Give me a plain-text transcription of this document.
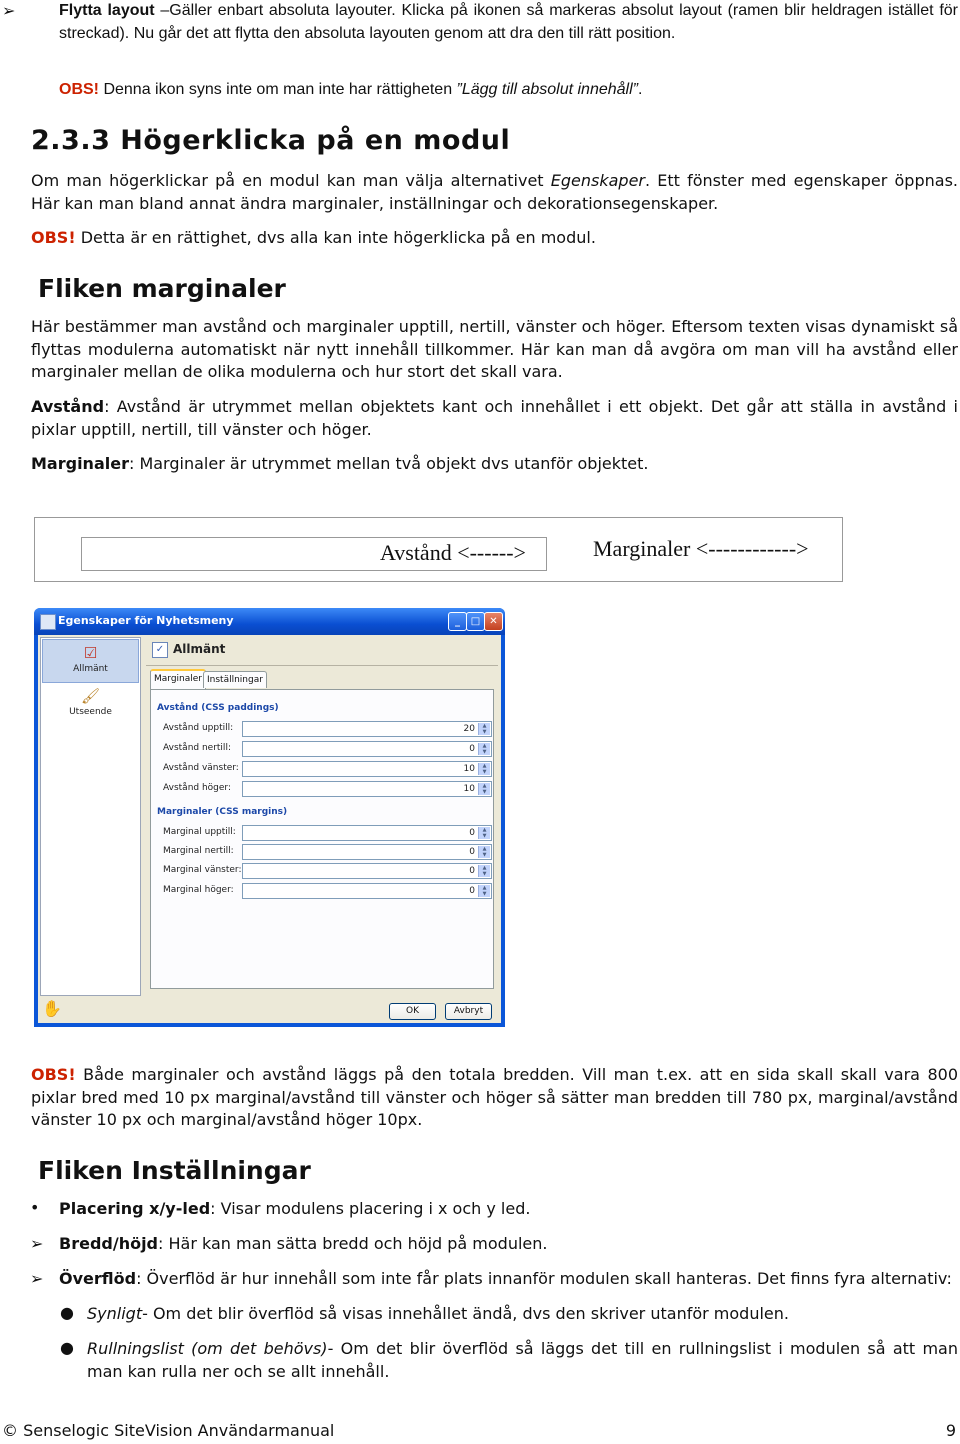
➢	Flytta layout –Gäller enbart absoluta layouter. Klicka på ikonen så markeras absolut layout (ramen blir heldragen istället för streckad). Nu går det att flytta den absoluta layouten genom att dra den till rätt position.

OBS! Denna ikon syns inte om man inte har rättigheten ”Lägg till absolut innehåll”.

2.3.3 Högerklicka på en modul

Om man högerklickar på en modul kan man välja alternativet Egenskaper. Ett fönster med egenskaper öppnas. Här kan man bland annat ändra marginaler, inställningar och dekorationsegenskaper.

OBS! Detta är en rättighet, dvs alla kan inte högerklicka på en modul.

Fliken marginaler

Här bestämmer man avstånd och marginaler upptill, nertill, vänster och höger. Eftersom texten visas dynamiskt så flyttas modulerna automatiskt när nytt innehåll tillkommer. Här kan man då avgöra om man vill ha avstånd eller marginaler mellan de olika modulerna och hur stort det skall vara.

Avstånd: Avstånd är utrymmet mellan objektets kant och innehållet i ett objekt. Det går att ställa in avstånd i pixlar upptill, nertill, till vänster och höger.

Marginaler: Marginaler är utrymmet mellan två objekt dvs utanför objektet.

Avstånd <------>	Marginaler <------------>
Egenskaper för Nyhetsmeny	_	□ ✕
☑
Allmänt
🖌
Utseende
✓ Allmänt
Marginaler Inställningar
Avstånd (CSS paddings)
Avstånd upptill:	20	▲
▼
Avstånd nertill:	0	▲
▼
Avstånd vänster:	10	▲
▼
Avstånd höger:	10	▲
▼
Marginaler (CSS margins)
Marginal upptill:	0	▲
▼
Marginal nertill:	0	▲
▼
Marginal vänster:	0	▲
▼
Marginal höger:	0	▲
▼
✋	OK	Avbryt

OBS! Både marginaler och avstånd läggs på den totala bredden. Vill man t.ex. att en sida skall skall vara 800 pixlar bred med 10 px marginal/avstånd till vänster och höger så sätter man bredden till 780 px, marginal/avstånd vänster 10 px och marginal/avstånd höger 10px.

Fliken Inställningar
• Placering x/y-led: Visar modulens placering i x och y led.

➢ Bredd/höjd: Här kan man sätta bredd och höjd på modulen.

➢ Överflöd: Överflöd är hur innehåll som inte får plats innanför modulen skall hanteras. Det finns fyra alternativ:

● Synligt- Om det blir överflöd så visas innehållet ändå, dvs den skriver utanför modulen.

● Rullningslist (om det behövs)- Om det blir överflöd så läggs det till en rullningslist i modulen så att man man kan rulla ner och se allt innehåll.

© Senselogic SiteVision Användarmanual	9
